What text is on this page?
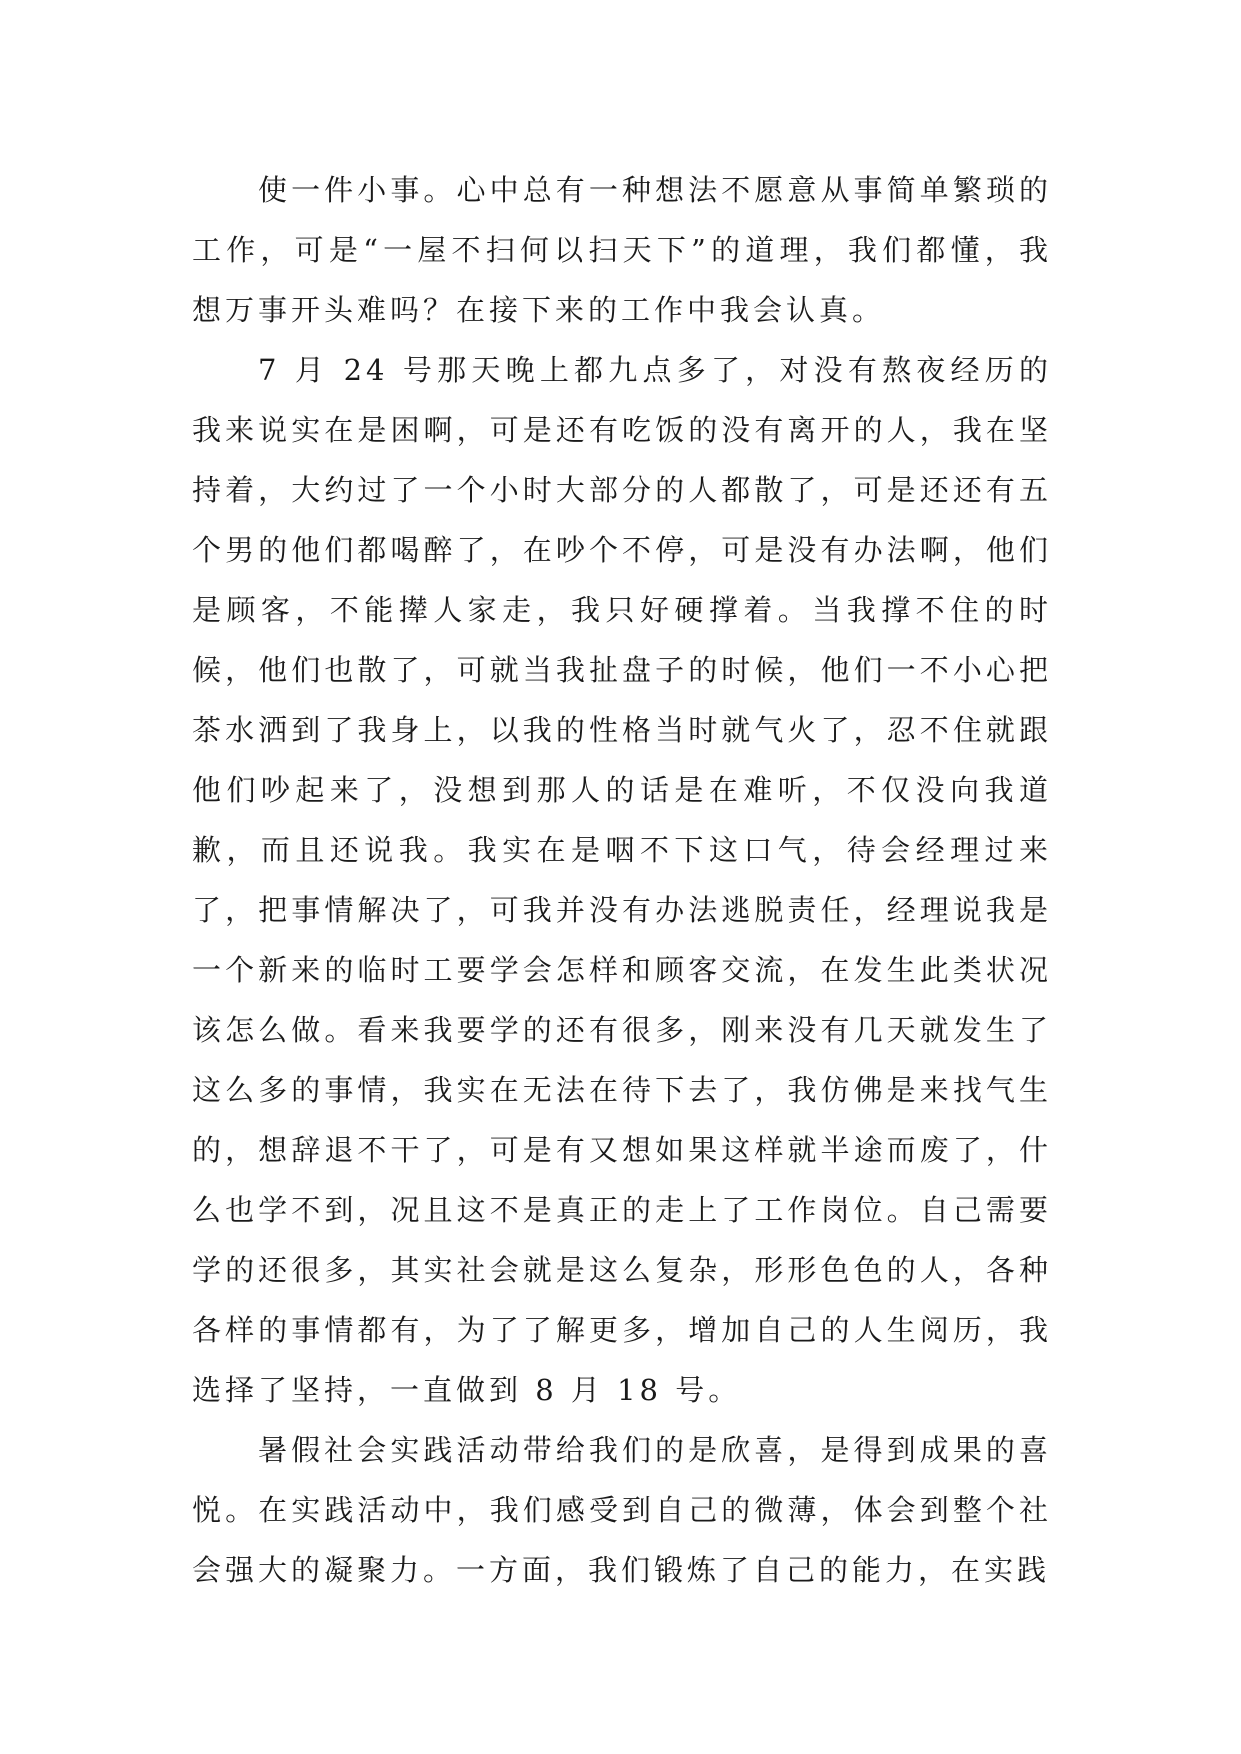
使一件小事。心中总有一种想法不愿意从事简单繁琐的工作，可是“一屋不扫何以扫天下”的道理，我们都懂，我想万事开头难吗？在接下来的工作中我会认真。

7 月 24 号那天晚上都九点多了，对没有熬夜经历的我来说实在是困啊，可是还有吃饭的没有离开的人，我在坚持着，大约过了一个小时大部分的人都散了，可是还还有五个男的他们都喝醉了，在吵个不停，可是没有办法啊，他们是顾客，不能撵人家走，我只好硬撑着。当我撑不住的时候，他们也散了，可就当我扯盘子的时候，他们一不小心把茶水洒到了我身上，以我的性格当时就气火了，忍不住就跟他们吵起来了，没想到那人的话是在难听，不仅没向我道歉，而且还说我。我实在是咽不下这口气，待会经理过来了，把事情解决了，可我并没有办法逃脱责任，经理说我是一个新来的临时工要学会怎样和顾客交流，在发生此类状况该怎么做。看来我要学的还有很多，刚来没有几天就发生了这么多的事情，我实在无法在待下去了，我仿佛是来找气生的，想辞退不干了，可是有又想如果这样就半途而废了，什么也学不到，况且这不是真正的走上了工作岗位。自己需要学的还很多，其实社会就是这么复杂，形形色色的人，各种各样的事情都有，为了了解更多，增加自己的人生阅历，我选择了坚持，一直做到 8 月 18 号。

暑假社会实践活动带给我们的是欣喜，是得到成果的喜悦。在实践活动中，我们感受到自己的微薄，体会到整个社会强大的凝聚力。一方面，我们锻炼了自己的能力，在实践
